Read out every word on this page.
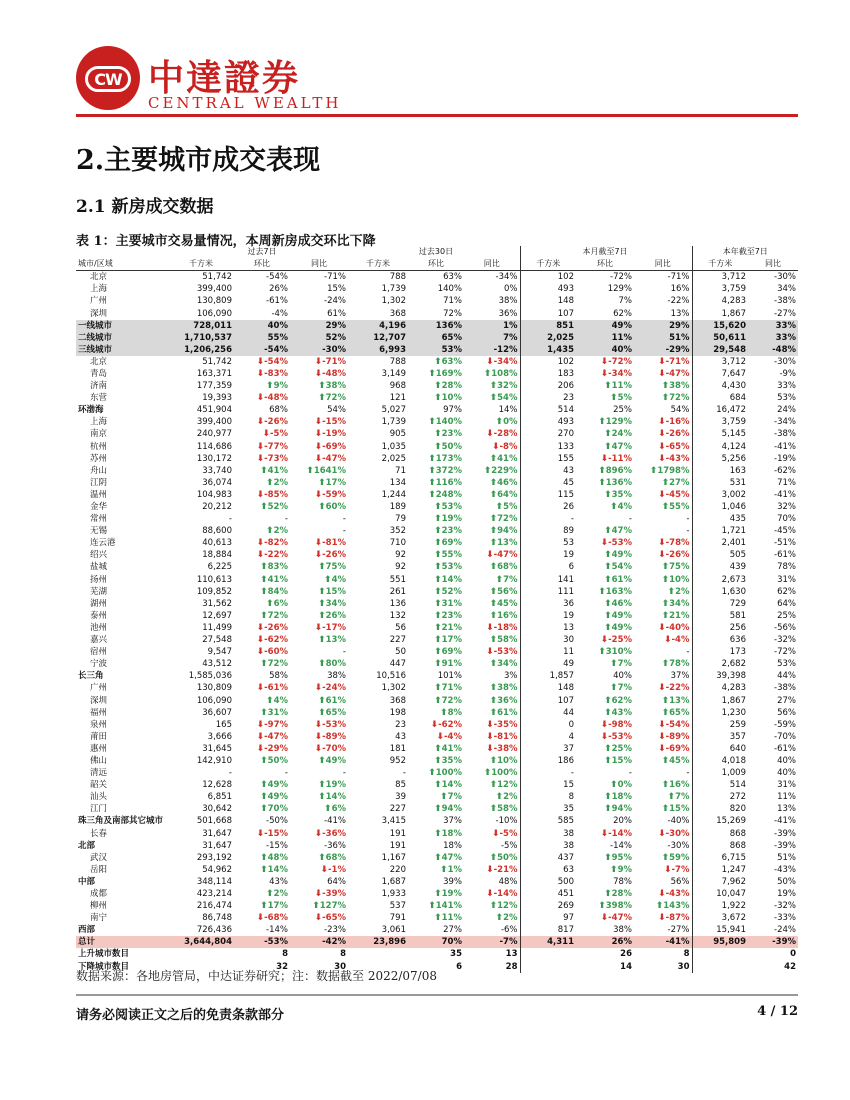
CW 中達證券
CENTRAL WEALTH
2.主要城市成交表现
2.1 新房成交数据
表 1：主要城市交易量情况，本周新房成交环比下降
		过去7日			过去30日			本月截至7日		本年截至7日	
城市/区域	千方米	环比	同比	千方米	环比	同比	千方米	环比	同比	千方米	同比
北京	51,742	-54%	-71%	788	63%	-34%	102	-72%	-71%	3,712	-30%
上海	399,400	26%	15%	1,739	140%	0%	493	129%	16%	3,759	34%
广州	130,809	-61%	-24%	1,302	71%	38%	148	7%	-22%	4,283	-38%
深圳	106,090	-4%	61%	368	72%	36%	107	62%	13%	1,867	-27%
一线城市	728,011	40%	29%	4,196	136%	1%	851	49%	29%	15,620	33%
二线城市	1,710,537	55%	52%	12,707	65%	7%	2,025	11%	51%	50,611	33%
三线城市	1,206,256	-54%	-30%	6,993	53%	-12%	1,435	40%	-29%	29,548	-48%
北京	51,742	⬇-54%	⬇-71%	788	⬆63%	⬇-34%	102	⬇-72%	⬇-71%	3,712	-30%
青岛	163,371	⬇-83%	⬇-48%	3,149	⬆169%	⬆108%	183	⬇-34%	⬇-47%	7,647	-9%
济南	177,359	⬆9%	⬆38%	968	⬆28%	⬆32%	206	⬆11%	⬆38%	4,430	33%
东营	19,393	⬇-48%	⬆72%	121	⬆10%	⬆54%	23	⬆5%	⬆72%	684	53%
环渤海	451,904	68%	54%	5,027	97%	14%	514	25%	54%	16,472	24%
上海	399,400	⬇-26%	⬇-15%	1,739	⬆140%	⬆0%	493	⬆129%	⬇-16%	3,759	-34%
南京	240,977	⬇-5%	⬇-19%	905	⬆23%	⬇-28%	270	⬆24%	⬇-26%	5,145	-38%
杭州	114,686	⬇-77%	⬇-69%	1,035	⬆50%	⬇-8%	133	⬆47%	⬇-65%	4,124	-41%
苏州	130,172	⬇-73%	⬇-47%	2,025	⬆173%	⬆41%	155	⬇-11%	⬇-43%	5,256	-19%
舟山	33,740	⬆41%	⬆1641%	71	⬆372%	⬆229%	43	⬆896%	⬆1798%	163	-62%
江阴	36,074	⬆2%	⬆17%	134	⬆116%	⬆46%	45	⬆136%	⬆27%	531	71%
温州	104,983	⬇-85%	⬇-59%	1,244	⬆248%	⬆64%	115	⬆35%	⬇-45%	3,002	-41%
金华	20,212	⬆52%	⬆60%	189	⬆53%	⬆5%	26	⬆4%	⬆55%	1,046	32%
常州	-	-	-	79	⬆19%	⬆72%	-	-	-	435	70%
无锡	88,600	⬆2%	-	352	⬆23%	⬆94%	89	⬆47%	-	1,721	-45%
连云港	40,613	⬇-82%	⬇-81%	710	⬆69%	⬆13%	53	⬇-53%	⬇-78%	2,401	-51%
绍兴	18,884	⬇-22%	⬇-26%	92	⬆55%	⬇-47%	19	⬆49%	⬇-26%	505	-61%
盐城	6,225	⬆83%	⬆75%	92	⬆53%	⬆68%	6	⬆54%	⬆75%	439	78%
扬州	110,613	⬆41%	⬆4%	551	⬆14%	⬆7%	141	⬆61%	⬆10%	2,673	31%
芜湖	109,852	⬆84%	⬆15%	261	⬆52%	⬆56%	111	⬆163%	⬆2%	1,630	62%
湖州	31,562	⬆6%	⬆34%	136	⬆31%	⬆45%	36	⬆46%	⬆34%	729	64%
泰州	12,697	⬆72%	⬆26%	132	⬆23%	⬆16%	19	⬆49%	⬆21%	581	25%
池州	11,499	⬇-26%	⬇-17%	56	⬆21%	⬇-18%	13	⬆49%	⬇-40%	256	-56%
嘉兴	27,548	⬇-62%	⬆13%	227	⬆17%	⬆58%	30	⬇-25%	⬇-4%	636	-32%
宿州	9,547	⬇-60%	-	50	⬆69%	⬇-53%	11	⬆310%	-	173	-72%
宁波	43,512	⬆72%	⬆80%	447	⬆91%	⬆34%	49	⬆7%	⬆78%	2,682	53%
长三角	1,585,036	58%	38%	10,516	101%	3%	1,857	40%	37%	39,398	44%
广州	130,809	⬇-61%	⬇-24%	1,302	⬆71%	⬆38%	148	⬆7%	⬇-22%	4,283	-38%
深圳	106,090	⬆4%	⬆61%	368	⬆72%	⬆36%	107	⬆62%	⬆13%	1,867	27%
福州	36,607	⬆31%	⬆65%	198	⬆8%	⬆61%	44	⬆43%	⬆65%	1,230	56%
泉州	165	⬇-97%	⬇-53%	23	⬇-62%	⬇-35%	0	⬇-98%	⬇-54%	259	-59%
莆田	3,666	⬇-47%	⬇-89%	43	⬇-4%	⬇-81%	4	⬇-53%	⬇-89%	357	-70%
惠州	31,645	⬇-29%	⬇-70%	181	⬆41%	⬇-38%	37	⬆25%	⬇-69%	640	-61%
佛山	142,910	⬆50%	⬆49%	952	⬆35%	⬆10%	186	⬆15%	⬆45%	4,018	40%
清远	-	-	-	-	⬆100%	⬆100%	-	-	-	1,009	40%
韶关	12,628	⬆49%	⬆19%	85	⬆14%	⬆12%	15	⬆0%	⬆16%	514	31%
汕头	6,851	⬆49%	⬆14%	39	⬆7%	⬆2%	8	⬆18%	⬆7%	272	11%
江门	30,642	⬆70%	⬆6%	227	⬆94%	⬆58%	35	⬆94%	⬆15%	820	13%
珠三角及南部其它城市	501,668	-50%	-41%	3,415	37%	-10%	585	20%	-40%	15,269	-41%
长春	31,647	⬇-15%	⬇-36%	191	⬆18%	⬇-5%	38	⬇-14%	⬇-30%	868	-39%
北部	31,647	-15%	-36%	191	18%	-5%	38	-14%	-30%	868	-39%
武汉	293,192	⬆48%	⬆68%	1,167	⬆47%	⬆50%	437	⬆95%	⬆59%	6,715	51%
岳阳	54,962	⬆14%	⬇-1%	220	⬆1%	⬇-21%	63	⬆9%	⬇-7%	1,247	-43%
中部	348,114	43%	64%	1,687	39%	48%	500	78%	56%	7,962	50%
成都	423,214	⬆2%	⬇-39%	1,933	⬆19%	⬇-14%	451	⬆28%	⬇-43%	10,047	19%
柳州	216,474	⬆17%	⬆127%	537	⬆141%	⬆12%	269	⬆398%	⬆143%	1,922	-32%
南宁	86,748	⬇-68%	⬇-65%	791	⬆11%	⬆2%	97	⬇-47%	⬇-87%	3,672	-33%
西部	726,436	-14%	-23%	3,061	27%	-6%	817	38%	-27%	15,941	-24%
总计	3,644,804	-53%	-42%	23,896	70%	-7%	4,311	26%	-41%	95,809	-39%
上升城市数目		8	8		35	13		26	8		0
下降城市数目		32	30		6	28		14	30		42
数据来源：各地房管局，中达证券研究；注：数据截至 2022/07/08
请务必阅读正文之后的免责条款部分	4 / 12
